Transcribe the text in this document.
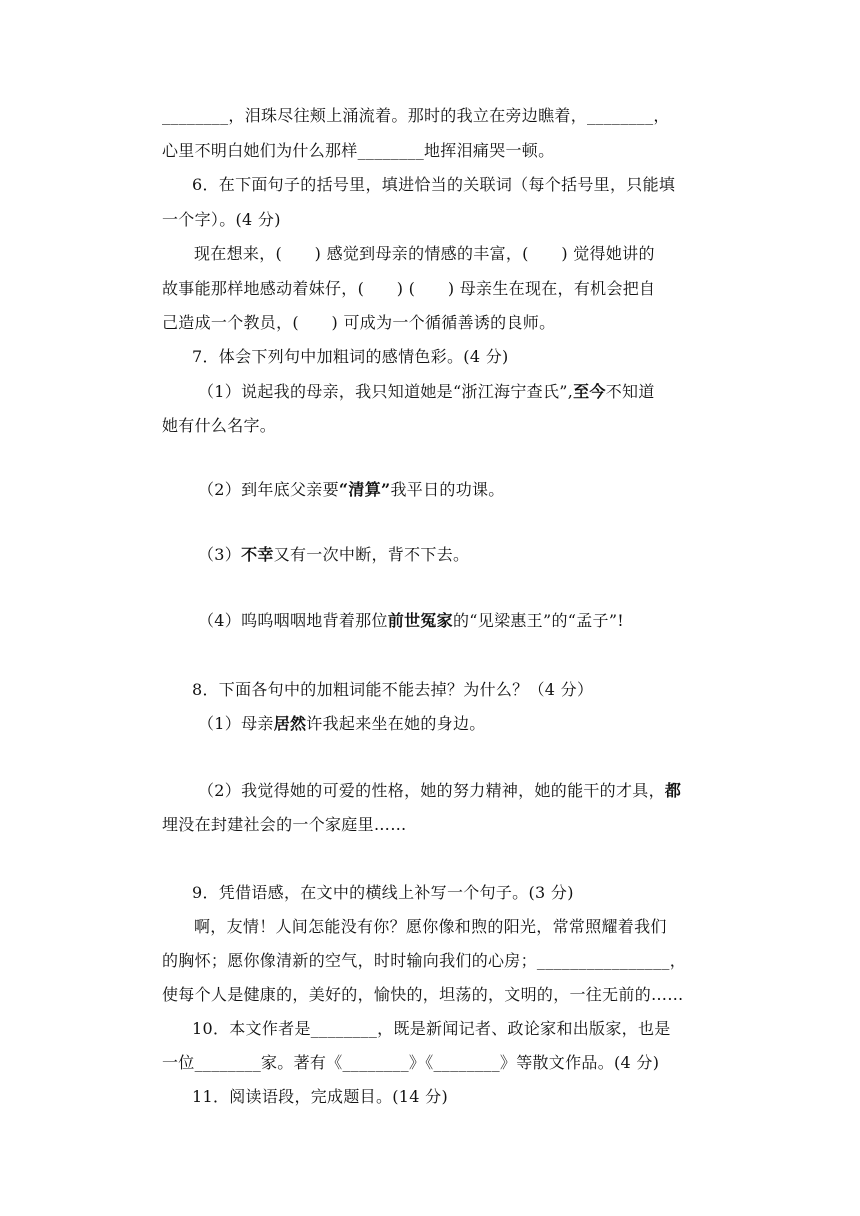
________，泪珠尽往颊上涌流着。那时的我立在旁边瞧着，________，
心里不明白她们为什么那样________地挥泪痛哭一顿。
6．在下面句子的括号里，填进恰当的关联词（每个括号里，只能填
一个字）。(4 分)
现在想来，(　　) 感觉到母亲的情感的丰富，(　　) 觉得她讲的
故事能那样地感动着妹仔，(　　) (　　) 母亲生在现在，有机会把自
己造成一个教员，(　　) 可成为一个循循善诱的良师。
7．体会下列句中加粗词的感情色彩。(4 分)
（1）说起我的母亲，我只知道她是“浙江海宁查氏”,至今不知道
她有什么名字。
（2）到年底父亲要“清算”我平日的功课。
（3）不幸又有一次中断，背不下去。
（4）呜呜咽咽地背着那位前世冤家的“见梁惠王”的“孟子”!
8．下面各句中的加粗词能不能去掉？为什么？（4 分）
（1）母亲居然许我起来坐在她的身边。
（2）我觉得她的可爱的性格，她的努力精神，她的能干的才具，都
埋没在封建社会的一个家庭里……
9．凭借语感，在文中的横线上补写一个句子。(3 分)
啊，友情！人间怎能没有你？愿你像和煦的阳光，常常照耀着我们
的胸怀；愿你像清新的空气，时时输向我们的心房；________________，
使每个人是健康的，美好的，愉快的，坦荡的，文明的，一往无前的……
10．本文作者是________，既是新闻记者、政论家和出版家，也是
一位________家。著有《________》《________》等散文作品。(4 分)
11．阅读语段，完成题目。(14 分)
